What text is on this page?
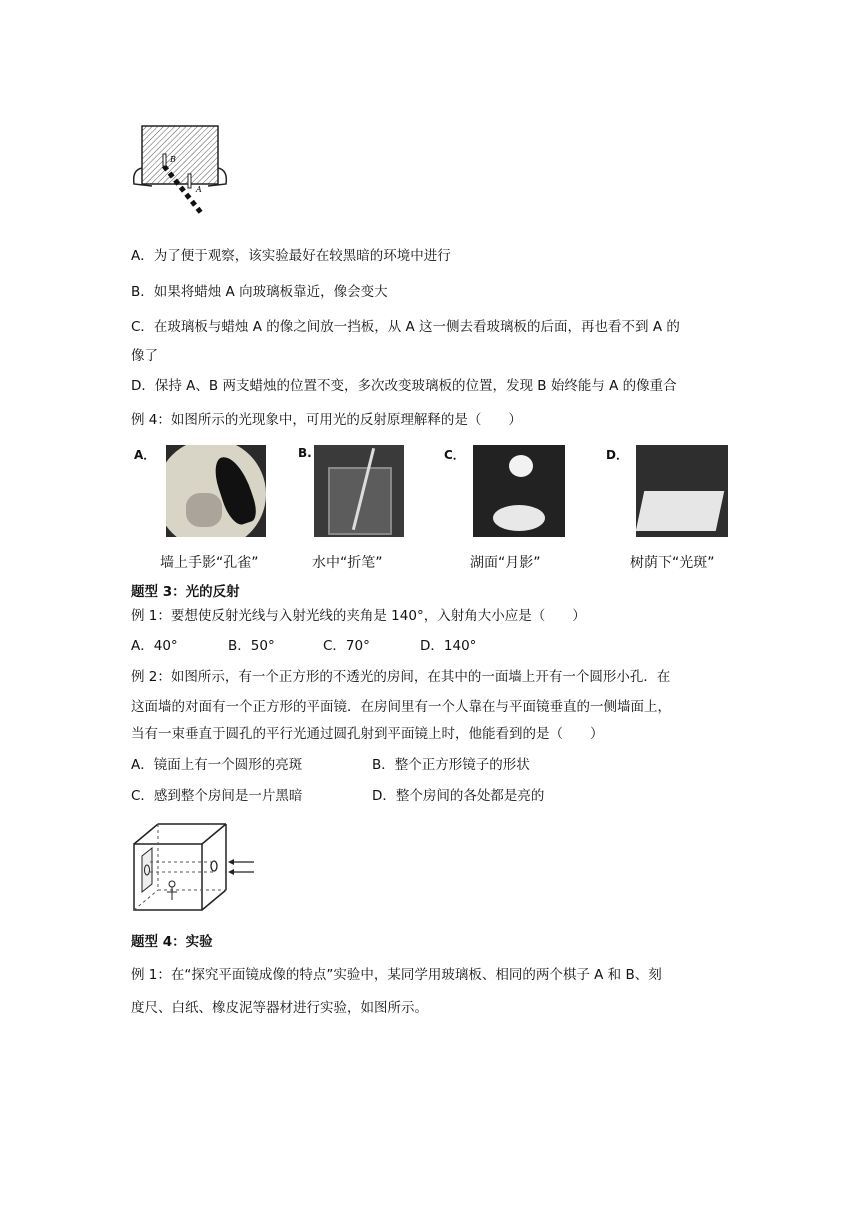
B
A
A．为了便于观察，该实验最好在较黑暗的环境中进行
B．如果将蜡烛 A 向玻璃板靠近，像会变大
C．在玻璃板与蜡烛 A 的像之间放一挡板，从 A 这一侧去看玻璃板的后面，再也看不到 A 的
像了
D．保持 A、B 两支蜡烛的位置不变，多次改变玻璃板的位置，发现 B 始终能与 A 的像重合
例 4：如图所示的光现象中，可用光的反射原理解释的是（　　）
A．
墙上手影“孔雀”
B.
水中“折笔”
C．
湖面“月影”
D．
树荫下“光斑”
题型 3：光的反射
例 1：要想使反射光线与入射光线的夹角是 140°，入射角大小应是（　　）
A．40°	B．50°	C．70°	D．140°
例 2：如图所示，有一个正方形的不透光的房间，在其中的一面墙上开有一个圆形小孔．在
这面墙的对面有一个正方形的平面镜．在房间里有一个人靠在与平面镜垂直的一侧墙面上，
当有一束垂直于圆孔的平行光通过圆孔射到平面镜上时，他能看到的是（　　）
A．镜面上有一个圆形的亮斑	B．整个正方形镜子的形状
C．感到整个房间是一片黑暗	D．整个房间的各处都是亮的
题型 4：实验
例 1：在“探究平面镜成像的特点”实验中，某同学用玻璃板、相同的两个棋子 A 和 B、刻
度尺、白纸、橡皮泥等器材进行实验，如图所示。
